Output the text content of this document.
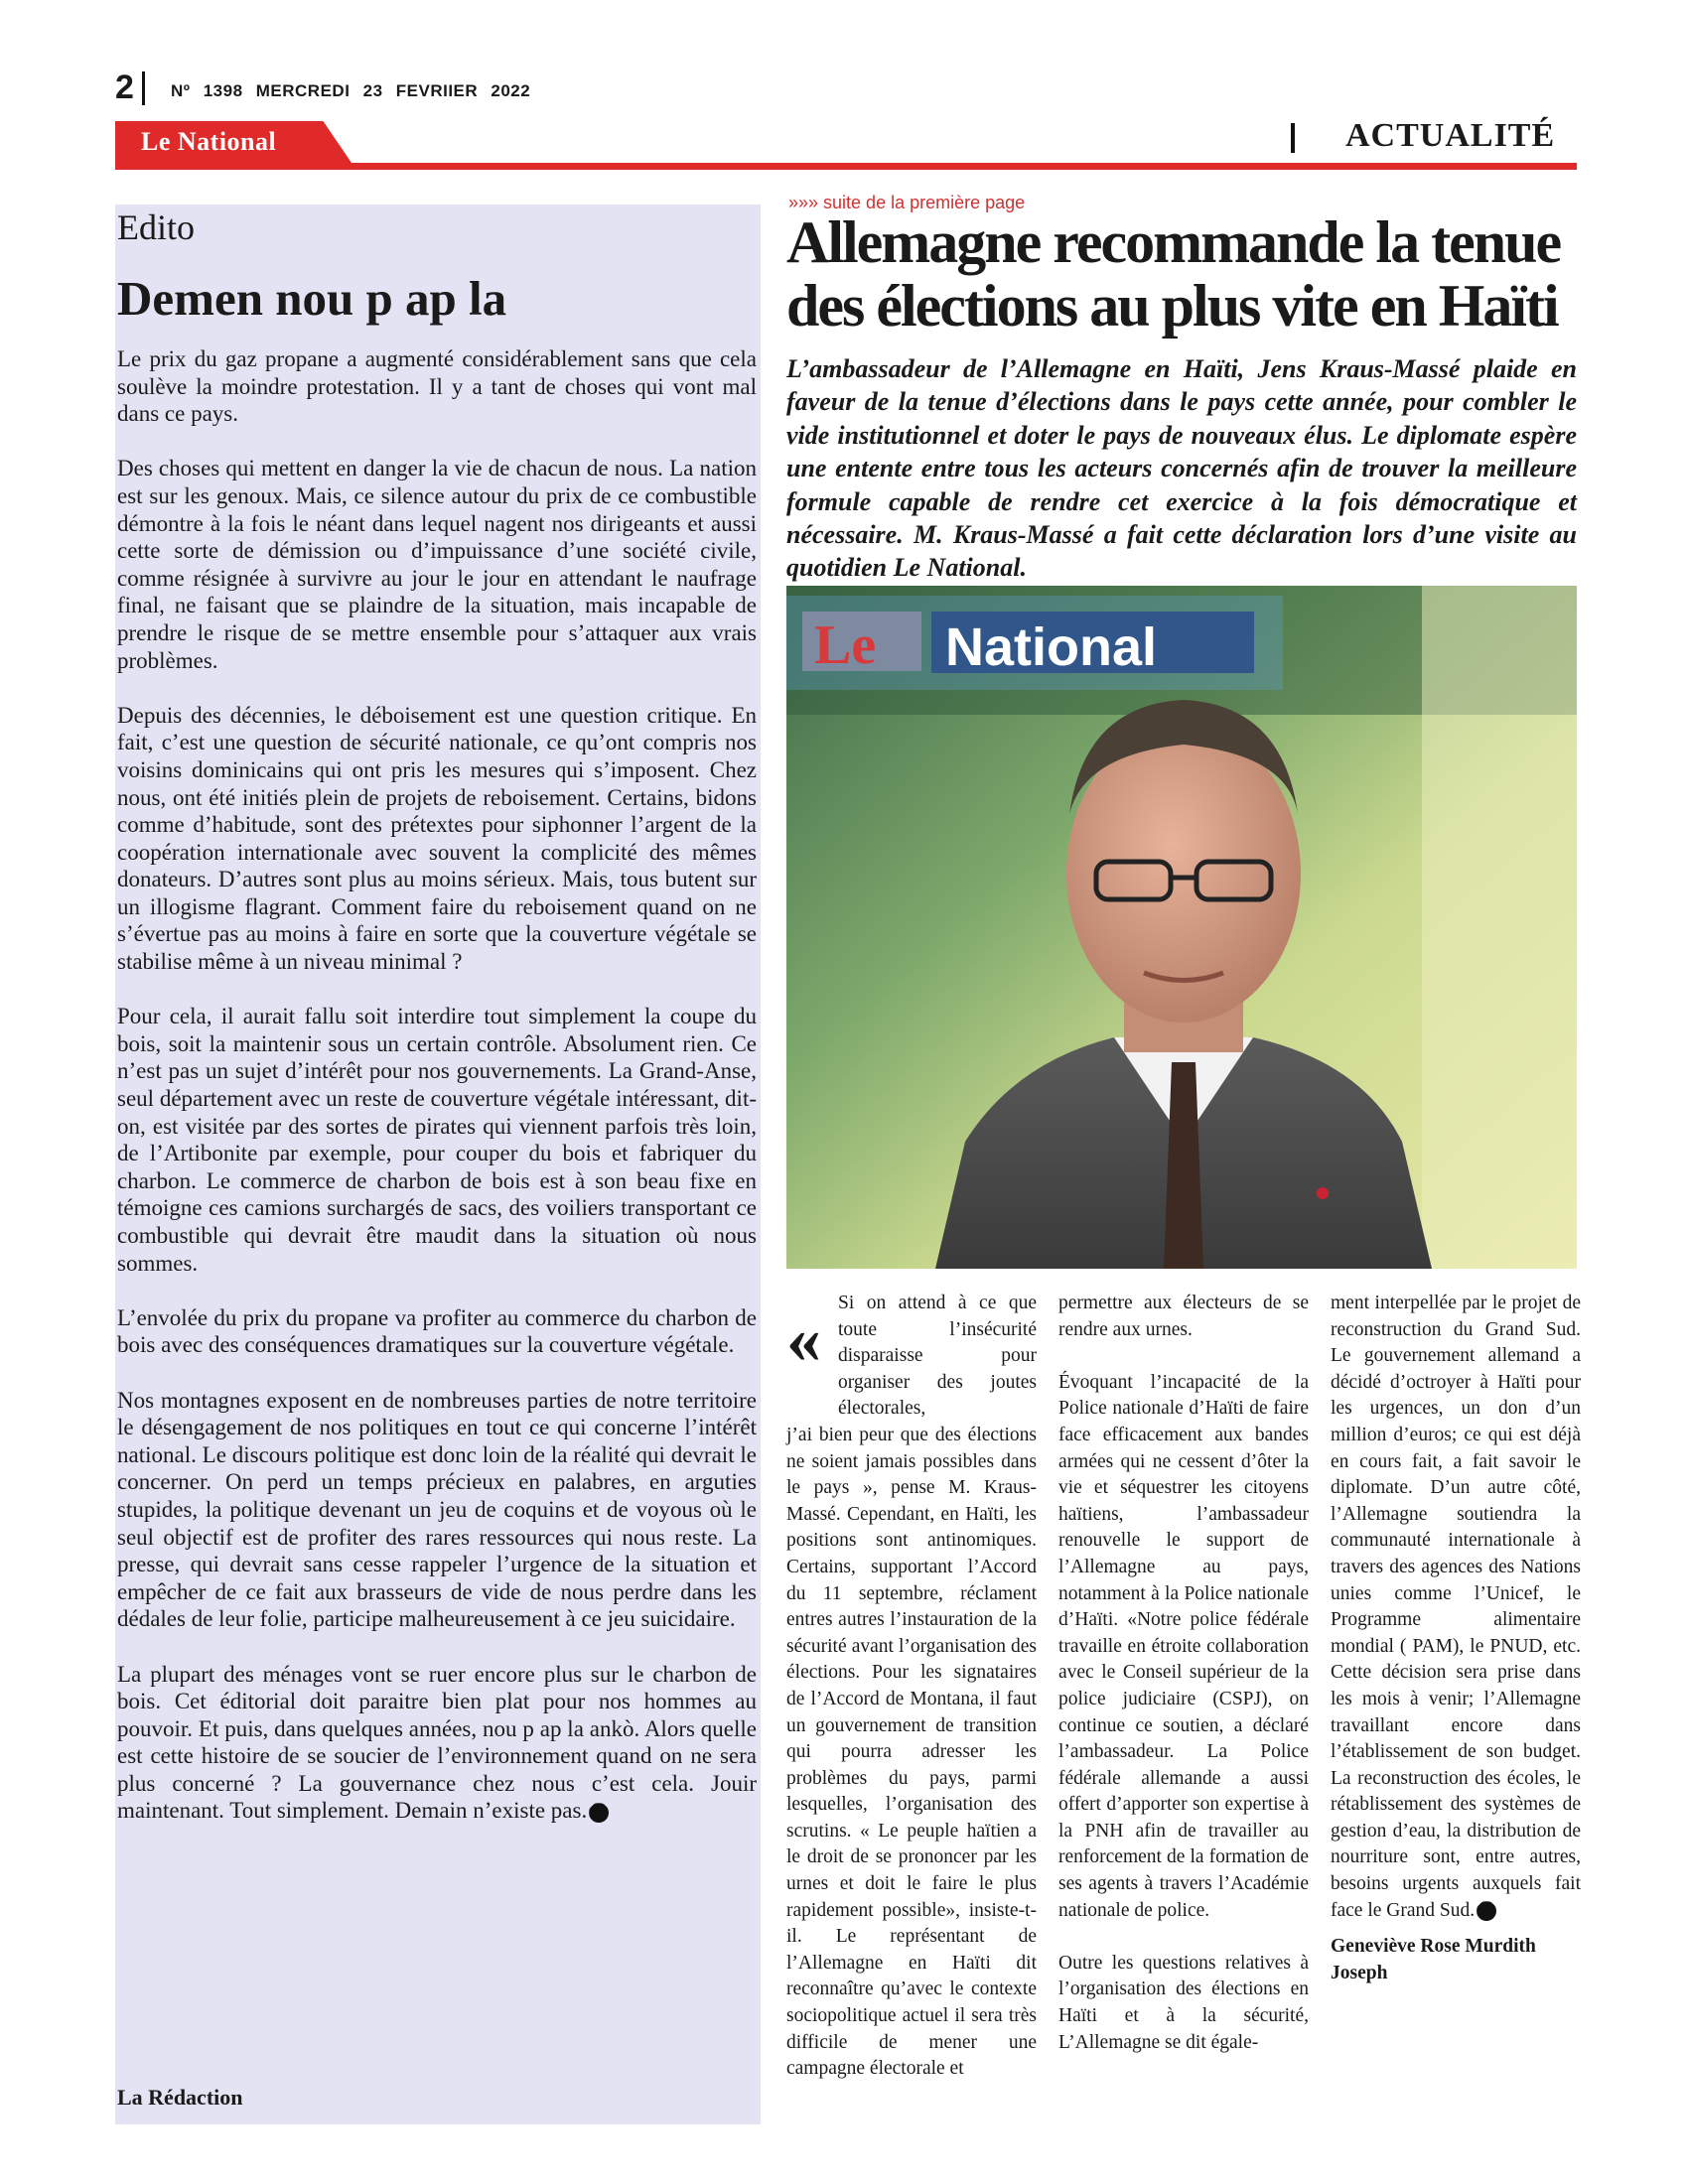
2 Nº 1398 MERCREDI 23 FEVRIIER 2022
Le National	ACTUALITÉ
Edito
Demen nou p ap la

Le prix du gaz propane a augmenté considérablement sans que cela soulève la moindre protestation. Il y a tant de choses qui vont mal dans ce pays.

Des choses qui mettent en danger la vie de chacun de nous. La nation est sur les genoux. Mais, ce silence autour du prix de ce combustible démontre à la fois le néant dans lequel nagent nos dirigeants et aussi cette sorte de démission ou d’impuissance d’une société civile, comme résignée à survivre au jour le jour en attendant le naufrage final, ne faisant que se plaindre de la situation, mais incapable de prendre le risque de se mettre ensemble pour s’attaquer aux vrais problèmes.

Depuis des décennies, le déboisement est une question critique. En fait, c’est une question de sécurité nationale, ce qu’ont compris nos voisins dominicains qui ont pris les mesures qui s’imposent. Chez nous, ont été initiés plein de projets de reboisement. Certains, bidons comme d’habitude, sont des prétextes pour siphonner l’argent de la coopération internationale avec souvent la complicité des mêmes donateurs. D’autres sont plus au moins sérieux. Mais, tous butent sur un illogisme flagrant. Comment faire du reboisement quand on ne s’évertue pas au moins à faire en sorte que la couverture végétale se stabilise même à un niveau minimal ?

Pour cela, il aurait fallu soit interdire tout simplement la coupe du bois, soit la maintenir sous un certain contrôle. Absolument rien. Ce n’est pas un sujet d’intérêt pour nos gouvernements. La Grand-Anse, seul département avec un reste de couverture végétale intéressant, dit-on, est visitée par des sortes de pirates qui viennent parfois très loin, de l’Artibonite par exemple, pour couper du bois et fabriquer du charbon. Le commerce de charbon de bois est à son beau fixe en témoigne ces camions surchargés de sacs, des voiliers transportant ce combustible qui devrait être maudit dans la situation où nous sommes.

L’envolée du prix du propane va profiter au commerce du charbon de bois avec des conséquences dramatiques sur la couverture végétale.

Nos montagnes exposent en de nombreuses parties de notre territoire le désengagement de nos politiques en tout ce qui concerne l’intérêt national. Le discours politique est donc loin de la réalité qui devrait le concerner. On perd un temps précieux en palabres, en arguties stupides, la politique devenant un jeu de coquins et de voyous où le seul objectif est de profiter des rares ressources qui nous reste. La presse, qui devrait sans cesse rappeler l’urgence de la situation et empêcher de ce fait aux brasseurs de vide de nous perdre dans les dédales de leur folie, participe malheureusement à ce jeu suicidaire.

La plupart des ménages vont se ruer encore plus sur le charbon de bois. Cet éditorial doit paraitre bien plat pour nos hommes au pouvoir. Et puis, dans quelques années, nou p ap la ankò. Alors quelle est cette histoire de se soucier de l’environnement quand on ne sera plus concerné ? La gouvernance chez nous c’est cela. Jouir maintenant. Tout simplement. Demain n’existe pas.

La Rédaction
»»» suite de la première page
Allemagne recommande la tenue
des élections au plus vite en Haïti
L’ambassadeur de l’Allemagne en Haïti, Jens Kraus-Massé plaide en faveur de la tenue d’élections dans le pays cette année, pour combler le vide institutionnel et doter le pays de nouveaux élus. Le diplomate espère une entente entre tous les acteurs concernés afin de trouver la meilleure formule capable de rendre cet exercice à la fois démocratique et nécessaire. M. Kraus-Massé a fait cette déclaration lors d’une visite au quotidien Le National.
Le National
« Si on attend à ce que toute l’insécurité disparaisse pour organiser des joutes électorales,

j’ai bien peur que des élections ne soient jamais possibles dans le pays », pense M. Kraus-Massé. Cependant, en Haïti, les positions sont antinomiques. Certains, supportant l’Accord du 11 septembre, réclament entres autres l’instauration de la sécurité avant l’organisation des élections. Pour les signataires de l’Accord de Montana, il faut un gouvernement de transition qui pourra adresser les problèmes du pays, parmi lesquelles, l’organisation des scrutins. « Le peuple haïtien a le droit de se prononcer par les urnes et doit le faire le plus rapidement possible», insiste-t-il. Le représentant de l’Allemagne en Haïti dit reconnaître qu’avec le contexte sociopolitique actuel il sera très difficile de mener une campagne électorale et

permettre aux électeurs de se rendre aux urnes.

Évoquant l’incapacité de la Police nationale d’Haïti de faire face efficacement aux bandes armées qui ne cessent d’ôter la vie et séquestrer les citoyens haïtiens, l’ambassadeur renouvelle le support de l’Allemagne au pays, notamment à la Police nationale d’Haïti. «Notre police fédérale travaille en étroite collaboration avec le Conseil supérieur de la police judiciaire (CSPJ), on continue ce soutien, a déclaré l’ambassadeur. La Police fédérale allemande a aussi offert d’apporter son expertise à la PNH afin de travailler au renforcement de la formation de ses agents à travers l’Académie nationale de police.

Outre les questions relatives à l’organisation des élections en Haïti et à la sécurité, L’Allemagne se dit égale-

ment interpellée par le projet de reconstruction du Grand Sud. Le gouvernement allemand a décidé d’octroyer à Haïti pour les urgences, un don d’un million d’euros; ce qui est déjà en cours fait, a fait savoir le diplomate. D’un autre côté, l’Allemagne soutiendra la communauté internationale à travers des agences des Nations unies comme l’Unicef, le Programme alimentaire mondial ( PAM), le PNUD, etc. Cette décision sera prise dans les mois à venir; l’Allemagne travaillant encore dans l’établissement de son budget. La reconstruction des écoles, le rétablissement des systèmes de gestion d’eau, la distribution de nourriture sont, entre autres, besoins urgents auxquels fait face le Grand Sud.

Geneviève Rose Murdith Joseph
